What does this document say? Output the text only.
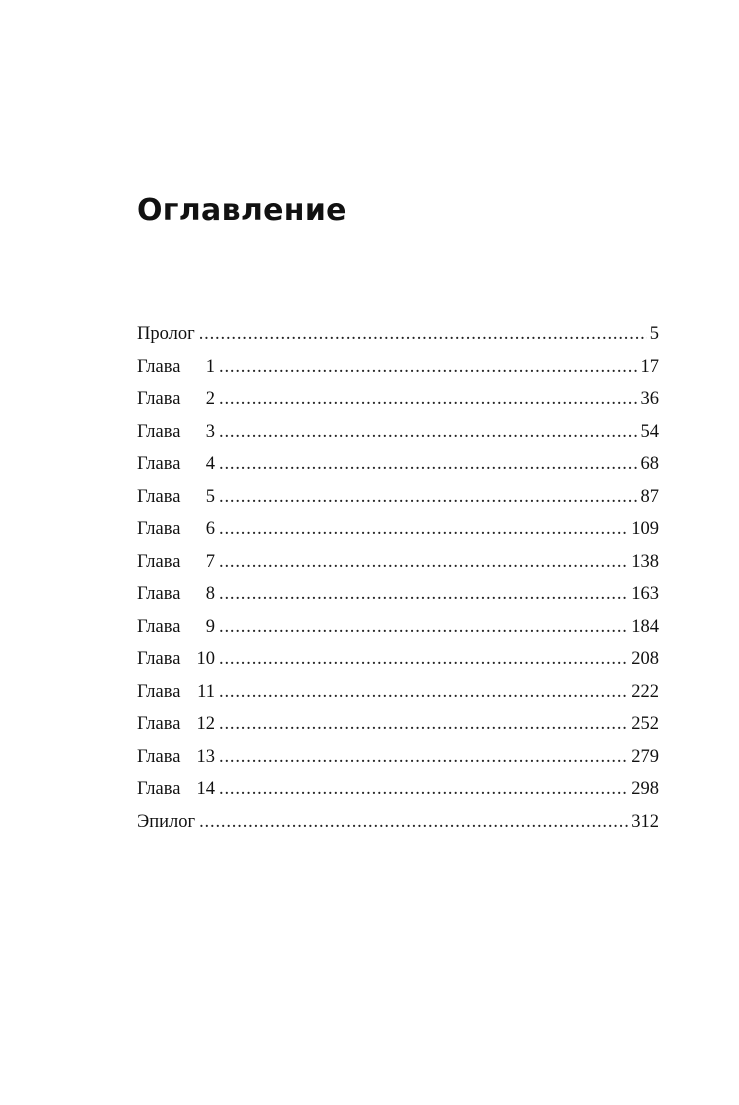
Оглавление
Пролог . . .	5
Глава	1 . . .	17
Глава	2 . . .	36
Глава	3 . . .	54
Глава	4 . . .	68
Глава	5 . . .	87
Глава	6 . . .	109
Глава	7 . . .	138
Глава	8 . . .	163
Глава	9 . . .	184
Глава 10 . . .	208
Глава 11 . . .	222
Глава 12 . . .	252
Глава 13 . . .	279
Глава 14 . . .	298
Эпилог . . .	312
